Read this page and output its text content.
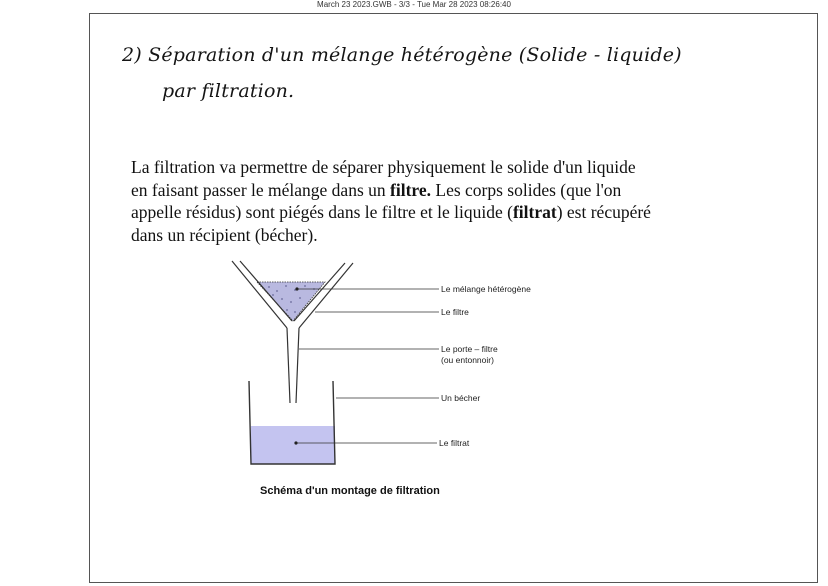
March 23 2023.GWB - 3/3 - Tue Mar 28 2023 08:26:40
2) Séparation d'un mélange hétérogène (Solide - liquide)
par filtration.
La filtration va permettre de séparer physiquement le solide d'un liquide en faisant passer le mélange dans un filtre. Les corps solides (que l'on appelle résidus) sont piégés dans le filtre et le liquide (filtrat) est récupéré dans un récipient (bécher).
Le mélange hétérogène
Le filtre
Le porte – filtre
(ou entonnoir)
Un bécher
Le filtrat
Schéma d'un montage de filtration
